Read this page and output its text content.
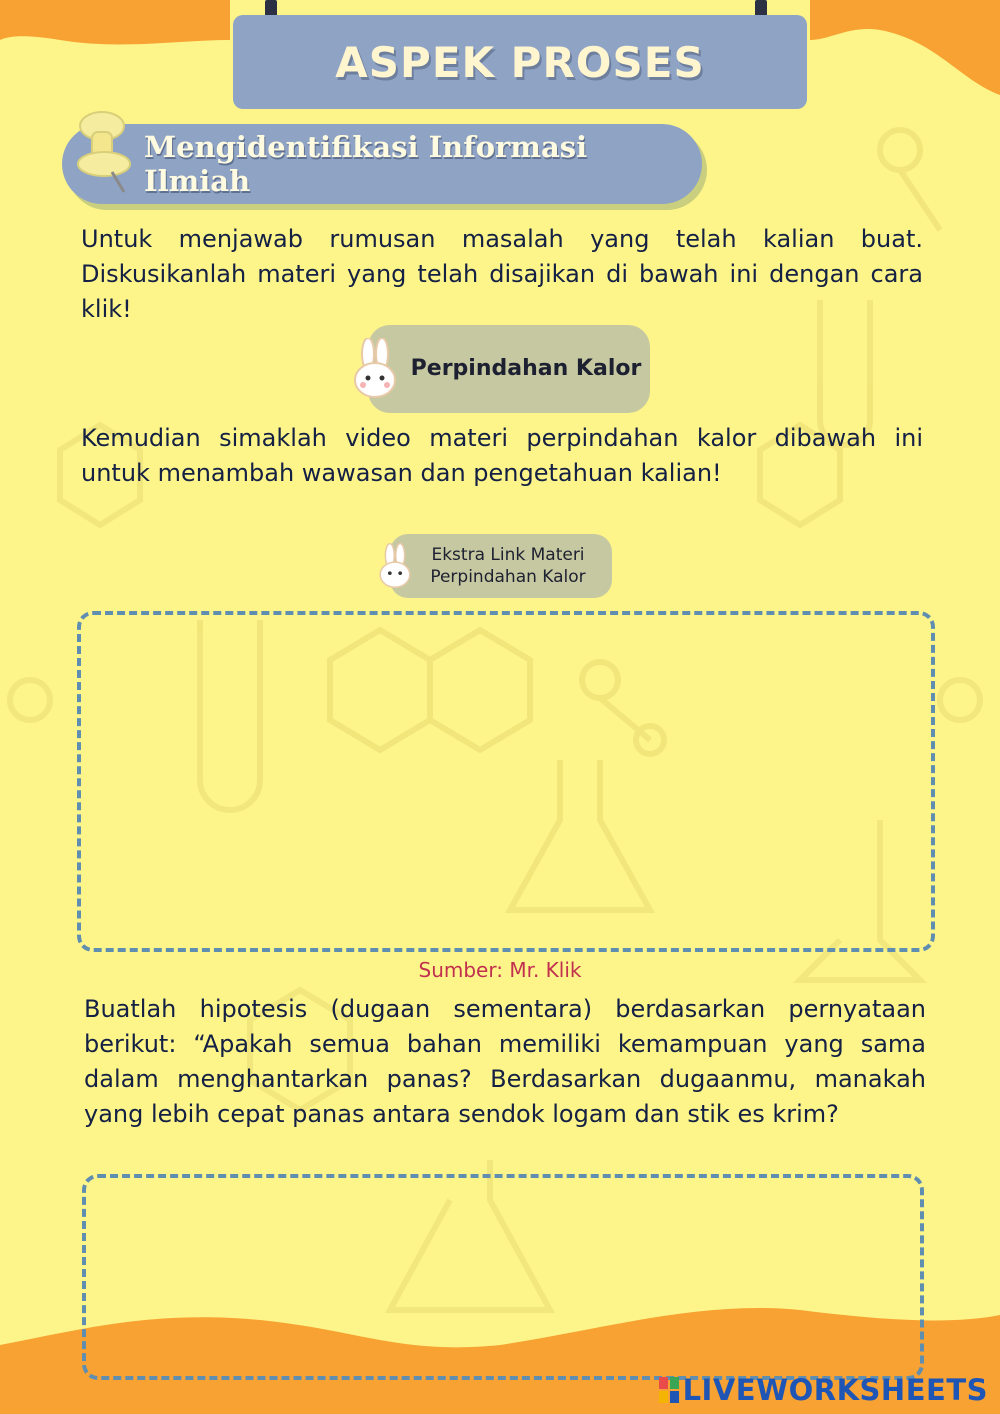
ASPEK PROSES
Mengidentifikasi Informasi Ilmiah

Untuk menjawab rumusan masalah yang telah kalian buat. Diskusikanlah materi yang telah disajikan di bawah ini dengan cara klik!

Perpindahan Kalor

Kemudian simaklah video materi perpindahan kalor dibawah ini untuk menambah wawasan dan pengetahuan kalian!

Ekstra Link Materi Perpindahan Kalor
Sumber: Mr. Klik

Buatlah hipotesis (dugaan sementara) berdasarkan pernyataan berikut: “Apakah semua bahan memiliki kemampuan yang sama dalam menghantarkan panas? Berdasarkan dugaanmu, manakah yang lebih cepat panas antara sendok logam dan stik es krim?

LIVEWORKSHEETS
